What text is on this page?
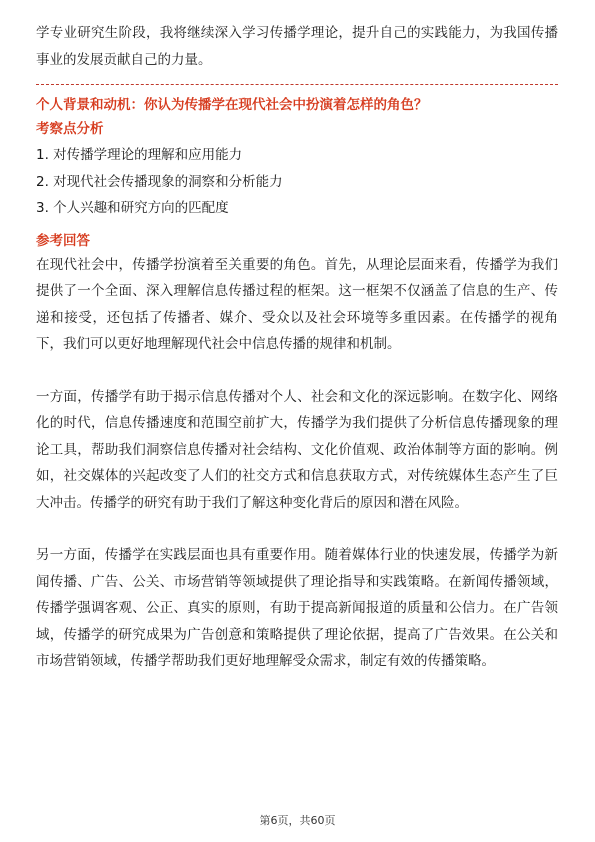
学专业研究生阶段，我将继续深入学习传播学理论，提升自己的实践能力，为我国传播事业的发展贡献自己的力量。

个人背景和动机：你认为传播学在现代社会中扮演着怎样的角色？

考察点分析

1. 对传播学理论的理解和应用能力
2. 对现代社会传播现象的洞察和分析能力
3. 个人兴趣和研究方向的匹配度

参考回答

在现代社会中，传播学扮演着至关重要的角色。首先，从理论层面来看，传播学为我们提供了一个全面、深入理解信息传播过程的框架。这一框架不仅涵盖了信息的生产、传递和接受，还包括了传播者、媒介、受众以及社会环境等多重因素。在传播学的视角下，我们可以更好地理解现代社会中信息传播的规律和机制。

一方面，传播学有助于揭示信息传播对个人、社会和文化的深远影响。在数字化、网络化的时代，信息传播速度和范围空前扩大，传播学为我们提供了分析信息传播现象的理论工具，帮助我们洞察信息传播对社会结构、文化价值观、政治体制等方面的影响。例如，社交媒体的兴起改变了人们的社交方式和信息获取方式，对传统媒体生态产生了巨大冲击。传播学的研究有助于我们了解这种变化背后的原因和潜在风险。

另一方面，传播学在实践层面也具有重要作用。随着媒体行业的快速发展，传播学为新闻传播、广告、公关、市场营销等领域提供了理论指导和实践策略。在新闻传播领域，传播学强调客观、公正、真实的原则，有助于提高新闻报道的质量和公信力。在广告领域，传播学的研究成果为广告创意和策略提供了理论依据，提高了广告效果。在公关和市场营销领域，传播学帮助我们更好地理解受众需求，制定有效的传播策略。

第6页，共60页
